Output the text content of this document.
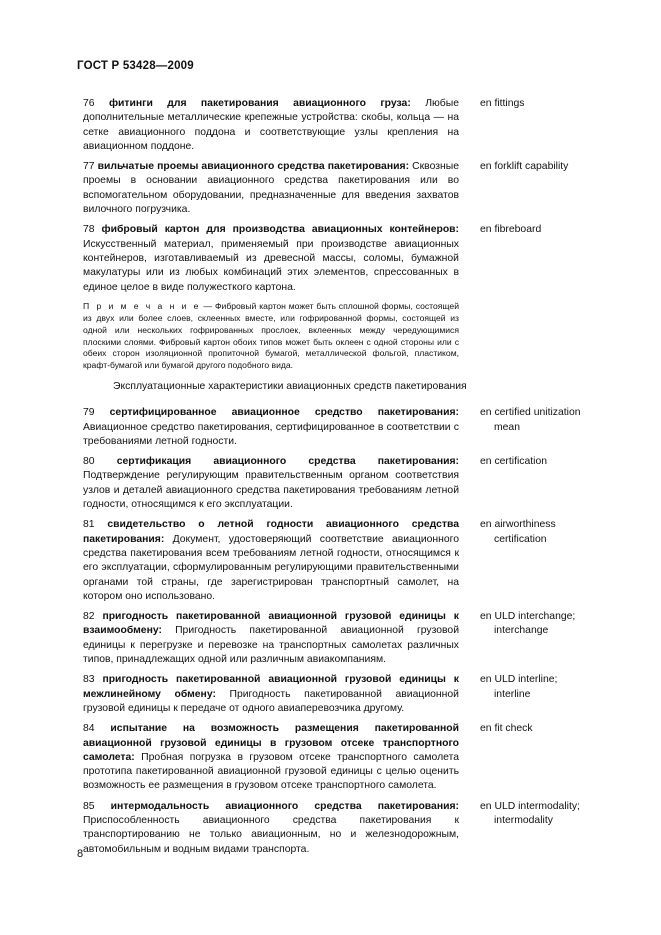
ГОСТ Р 53428—2009
76 фитинги для пакетирования авиационного груза: Любые дополнительные металлические крепежные устройства: скобы, кольца — на сетке авиационного поддона и соответствующие узлы крепления на авиационном поддоне.
en fittings
77 вильчатые проемы авиационного средства пакетирования: Сквозные проемы в основании авиационного средства пакетирования или во вспомогательном оборудовании, предназначенные для введения захватов вилочного погрузчика.
en forklift capability
78 фибровый картон для производства авиационных контейнеров: Искусственный материал, применяемый при производстве авиационных контейнеров, изготавливаемый из древесной массы, соломы, бумажной макулатуры или из любых комбинаций этих элементов, спрессованных в единое целое в виде полужесткого картона.
en fibreboard
П р и м е ч а н и е — Фибровый картон может быть сплошной формы, состоящей из двух или более слоев, склеенных вместе, или гофрированной формы, состоящей из одной или нескольких гофрированных прослоек, вклеенных между чередующимися плоскими слоями. Фибровый картон обоих типов может быть оклеен с одной стороны или с обеих сторон изоляционной пропиточной бумагой, металлической фольгой, пластиком, крафт-бумагой или бумагой другого подобного вида.
Эксплуатационные характеристики авиационных средств пакетирования
79 сертифицированное авиационное средство пакетирования: Авиационное средство пакетирования, сертифицированное в соответствии с требованиями летной годности.
en certified unitization
mean
80 сертификация авиационного средства пакетирования: Подтверждение регулирующим правительственным органом соответствия узлов и деталей авиационного средства пакетирования требованиям летной годности, относящимся к его эксплуатации.
en certification
81 свидетельство о летной годности авиационного средства пакетирования: Документ, удостоверяющий соответствие авиационного средства пакетирования всем требованиям летной годности, относящимся к его эксплуатации, сформулированным регулирующими правительственными органами той страны, где зарегистрирован транспортный самолет, на котором оно использовано.
en airworthiness
certification
82 пригодность пакетированной авиационной грузовой единицы к взаимообмену: Пригодность пакетированной авиационной грузовой единицы к перегрузке и перевозке на транспортных самолетах различных типов, принадлежащих одной или различным авиакомпаниям.
en ULD interchange;
interchange
83 пригодность пакетированной авиационной грузовой единицы к межлинейному обмену: Пригодность пакетированной авиационной грузовой единицы к передаче от одного авиаперевозчика другому.
en ULD interline;
interline
84 испытание на возможность размещения пакетированной авиационной грузовой единицы в грузовом отсеке транспортного самолета: Пробная погрузка в грузовом отсеке транспортного самолета прототипа пакетированной авиационной грузовой единицы с целью оценить возможность ее размещения в грузовом отсеке транспортного самолета.
en fit check
85 интермодальность авиационного средства пакетирования: Приспособленность авиационного средства пакетирования к транспортированию не только авиационным, но и железнодорожным, автомобильным и водным видами транспорта.
en ULD intermodality;
intermodality
8
